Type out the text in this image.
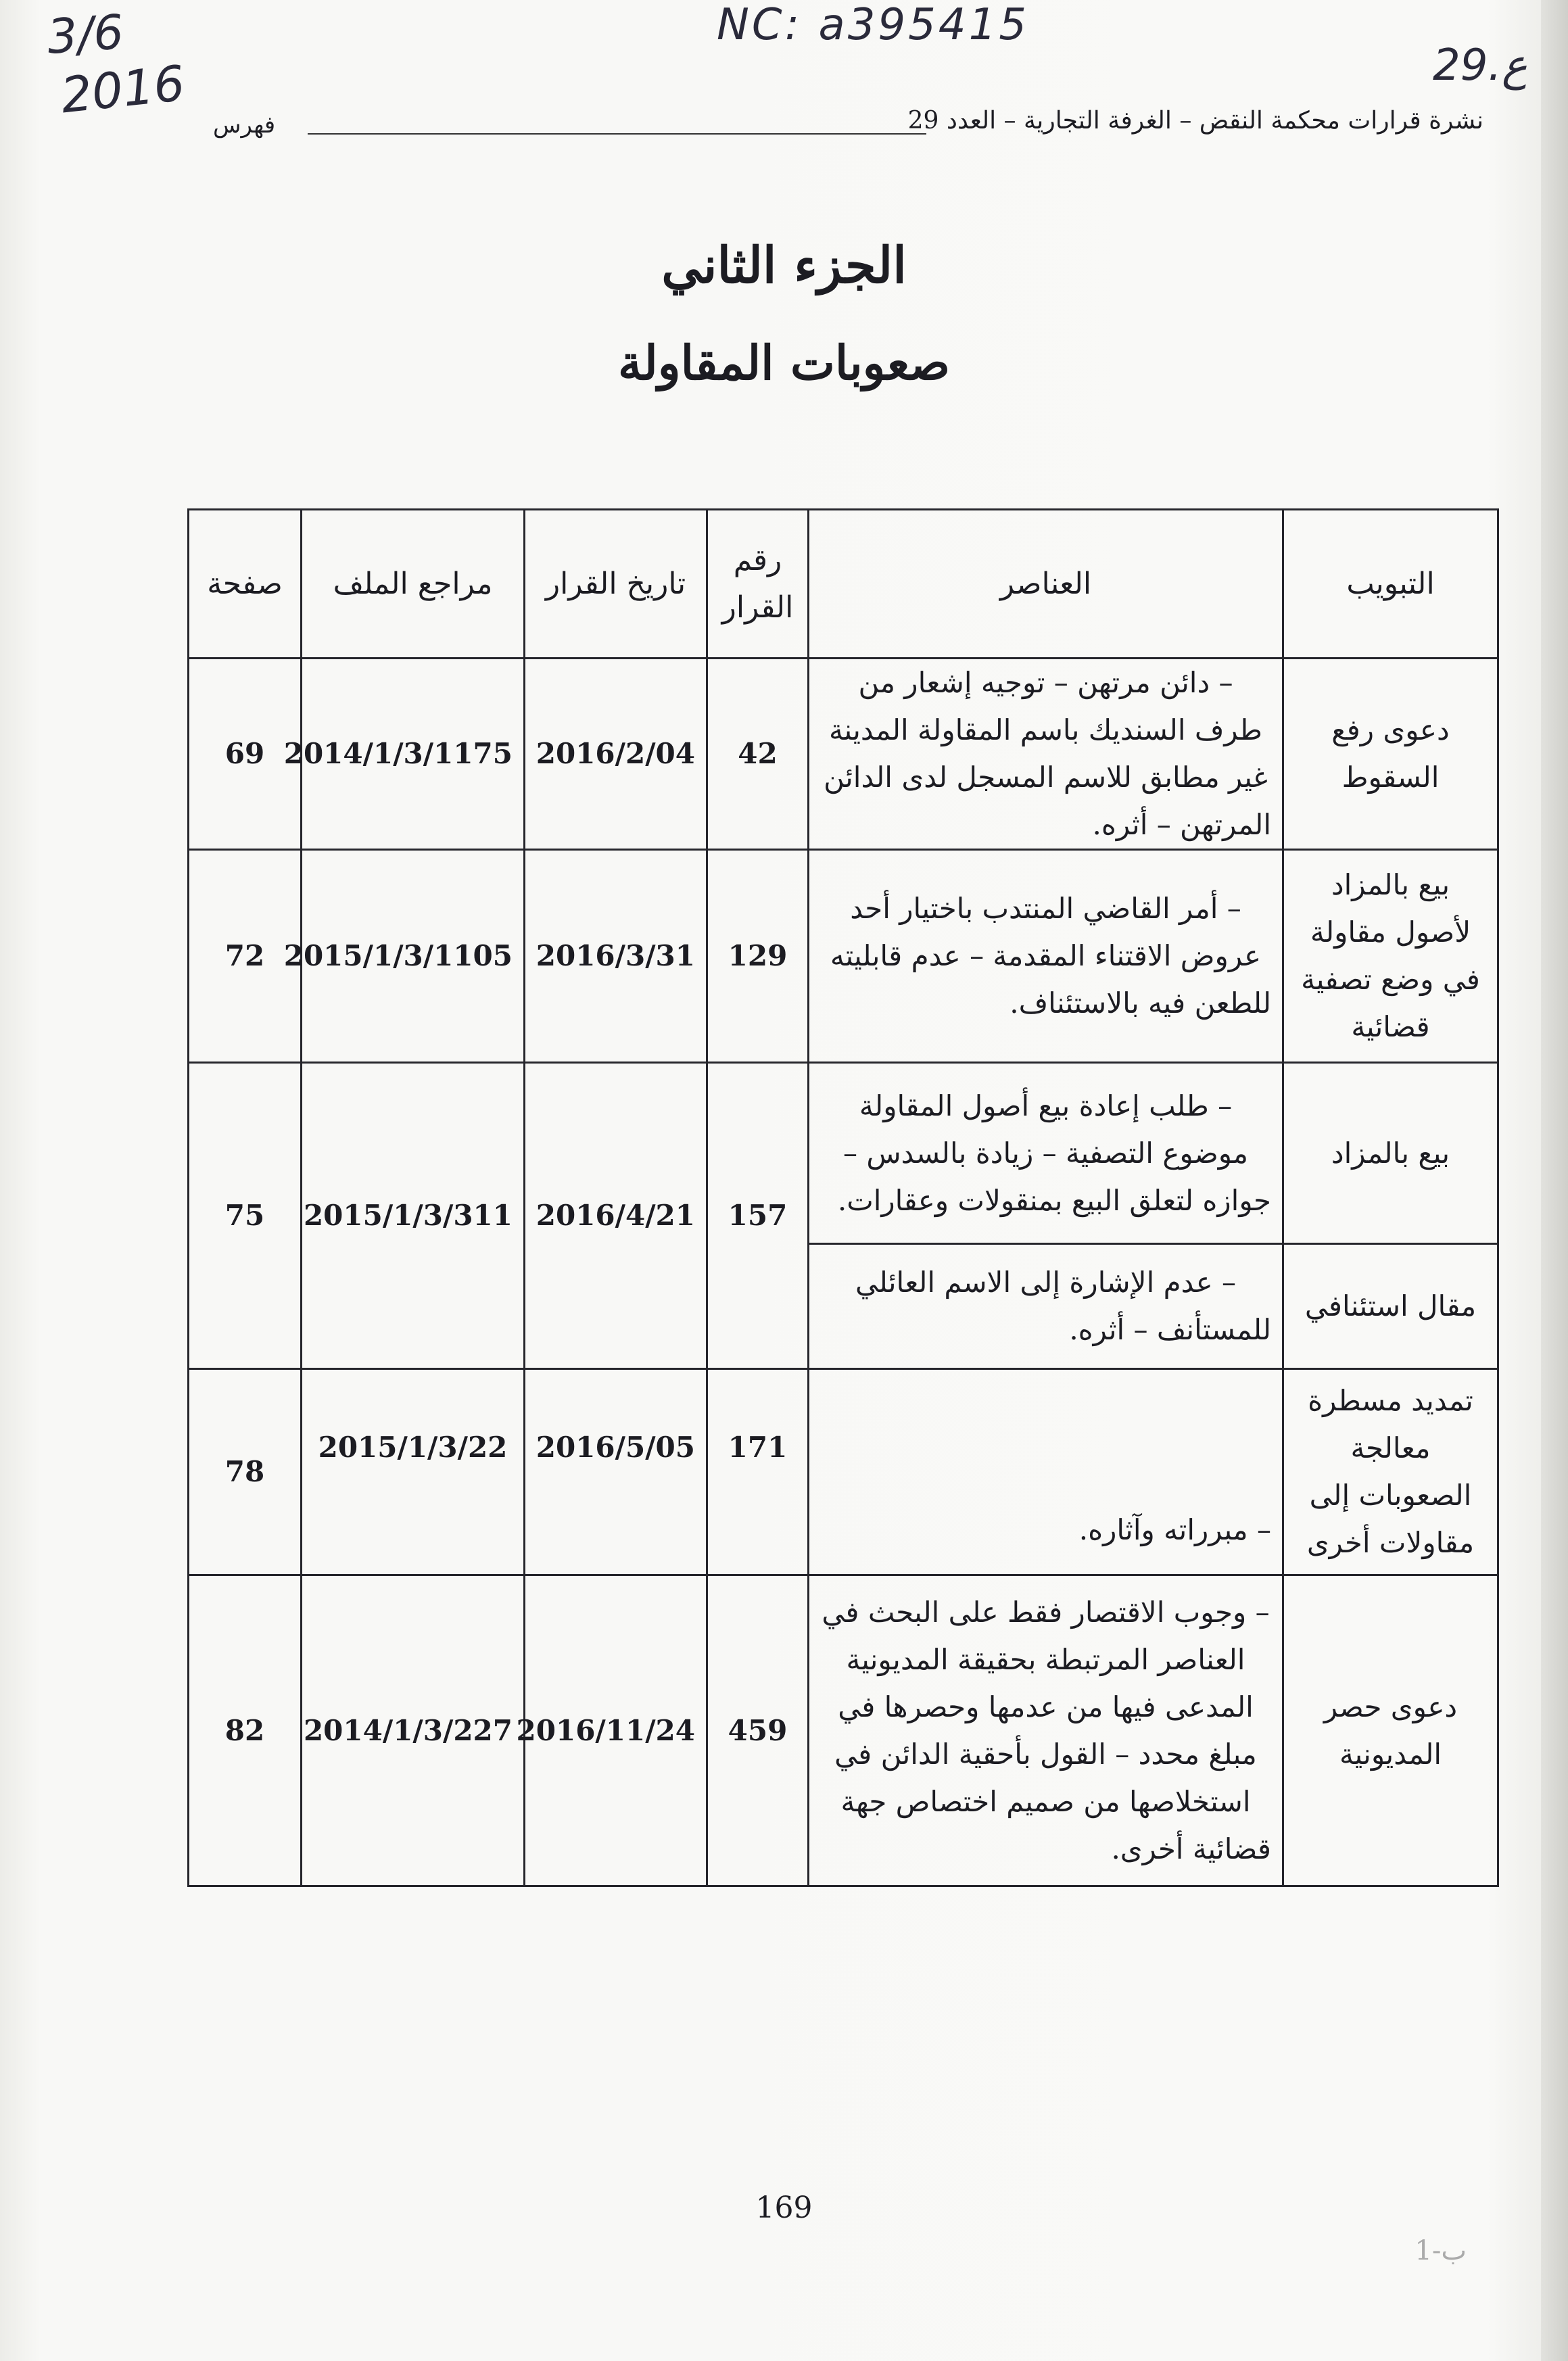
3/6
2016
NC: a395415
29.ع
فهرس	نشرة قرارات محكمة النقض – الغرفة التجارية – العدد 29
الجزء الثاني
صعوبات المقاولة
التبويب	العناصر	رقم القرار	تاريخ القرار	مراجع الملف	صفحة
دعوى رفع السقوط	– دائن مرتهن – توجيه إشعار من طرف السنديك باسم المقاولة المدينة غير مطابق للاسم المسجل لدى الدائن المرتهن – أثره.	42	2016/2/04	2014/1/3/1175	69
بيع بالمزاد لأصول مقاولة في وضع تصفية قضائية	– أمر القاضي المنتدب باختيار أحد عروض الاقتناء المقدمة – عدم قابليته للطعن فيه بالاستئناف.	129	2016/3/31	2015/1/3/1105	72
بيع بالمزاد	– طلب إعادة بيع أصول المقاولة موضوع التصفية – زيادة بالسدس – جوازه لتعلق البيع بمنقولات وعقارات.	157	2016/4/21	2015/1/3/311	75
مقال استئنافي	– عدم الإشارة إلى الاسم العائلي للمستأنف – أثره.				
تمديد مسطرة معالجة الصعوبات إلى مقاولات أخرى	– مبرراته وآثاره.	171	2016/5/05	2015/1/3/22	78
دعوى حصر المديونية	– وجوب الاقتصار فقط على البحث في العناصر المرتبطة بحقيقة المديونية المدعى فيها من عدمها وحصرها في مبلغ محدد – القول بأحقية الدائن في استخلاصها من صميم اختصاص جهة قضائية أخرى.	459	2016/11/24	2014/1/3/227	82
169
ب-1
